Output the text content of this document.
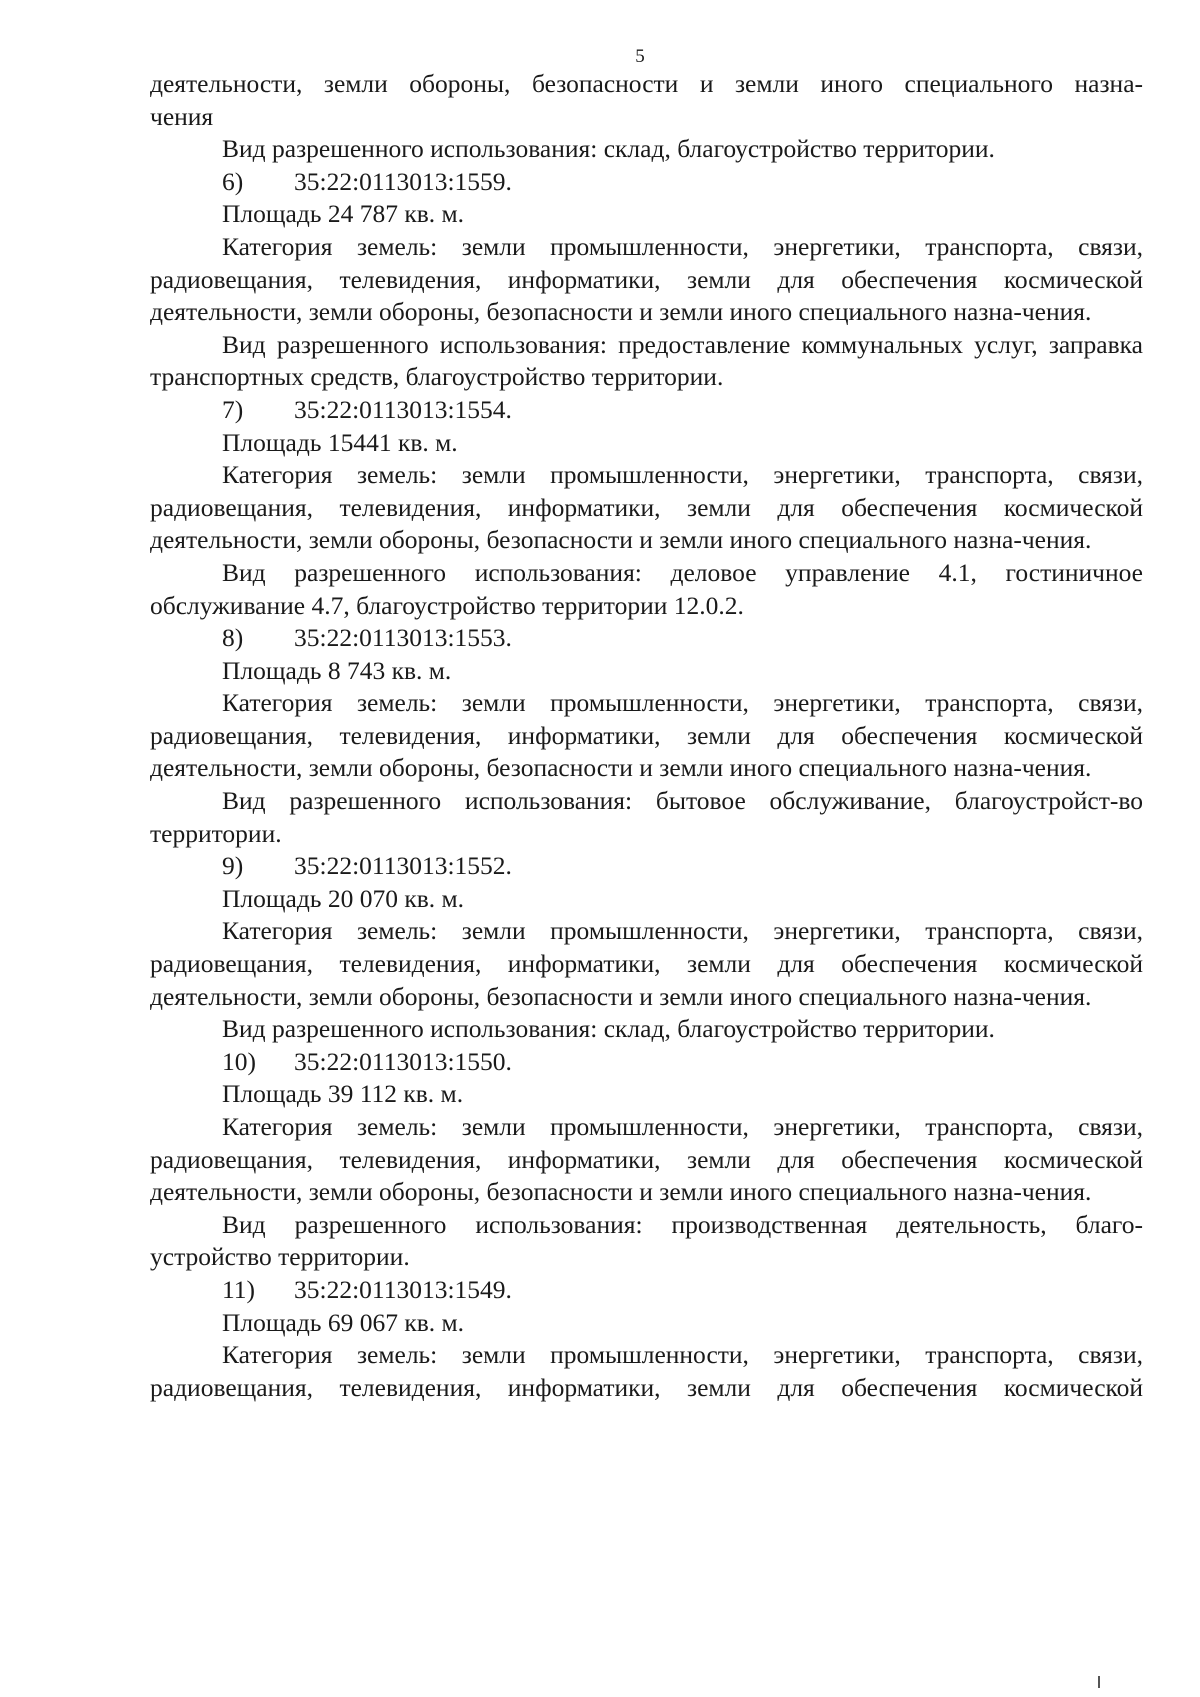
5

деятельности, земли обороны, безопасности и земли иного специального назна-

чения

Вид разрешенного использования: склад, благоустройство территории.

6) 35:22:0113013:1559.

Площадь 24 787 кв. м.

Категория земель: земли промышленности, энергетики, транспорта, связи, радиовещания, телевидения, информатики, земли для обеспечения космической деятельности, земли обороны, безопасности и земли иного специального назна-чения.

Вид разрешенного использования: предоставление коммунальных услуг, заправка транспортных средств, благоустройство территории.

7) 35:22:0113013:1554.

Площадь 15441 кв. м.

Категория земель: земли промышленности, энергетики, транспорта, связи, радиовещания, телевидения, информатики, земли для обеспечения космической деятельности, земли обороны, безопасности и земли иного специального назна-чения.

Вид разрешенного использования: деловое управление 4.1, гостиничное обслуживание 4.7, благоустройство территории 12.0.2.

8) 35:22:0113013:1553.

Площадь 8 743 кв. м.

Категория земель: земли промышленности, энергетики, транспорта, связи, радиовещания, телевидения, информатики, земли для обеспечения космической деятельности, земли обороны, безопасности и земли иного специального назна-чения.

Вид разрешенного использования: бытовое обслуживание, благоустройст-во территории.

9) 35:22:0113013:1552.

Площадь 20 070 кв. м.

Категория земель: земли промышленности, энергетики, транспорта, связи, радиовещания, телевидения, информатики, земли для обеспечения космической деятельности, земли обороны, безопасности и земли иного специального назна-чения.

Вид разрешенного использования: склад, благоустройство территории.

10) 35:22:0113013:1550.

Площадь 39 112 кв. м.

Категория земель: земли промышленности, энергетики, транспорта, связи, радиовещания, телевидения, информатики, земли для обеспечения космической деятельности, земли обороны, безопасности и земли иного специального назна-чения.

Вид разрешенного использования: производственная деятельность, благо-устройство территории.

11) 35:22:0113013:1549.

Площадь 69 067 кв. м.

Категория земель: земли промышленности, энергетики, транспорта, связи, радиовещания, телевидения, информатики, земли для обеспечения космической
